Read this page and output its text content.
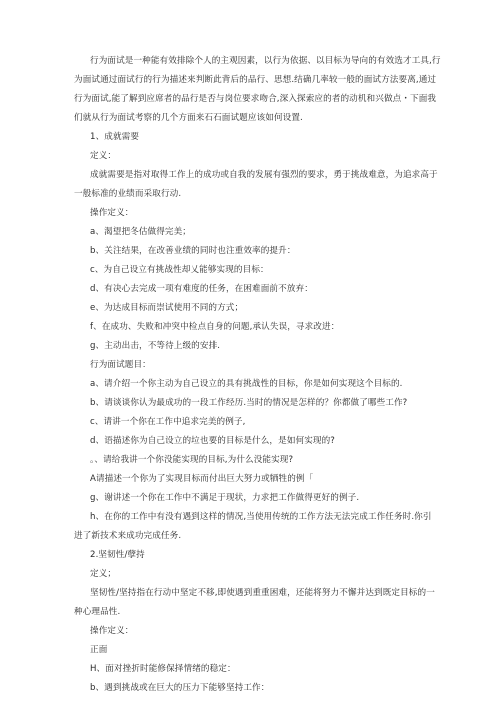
行为面试是一种能有效排除个人的主观因素，以行为依据、以目标为导向的有效选才工具,行

为面试通过面试行的行为描述来判断此背后的品行、思想.结确几率较一般的面试方法要离,通过

行为面试,能了解到应席者的品行是否与岗位要求吻合,深入探索应的者的动机和兴做点・下面我

们就从行为面试考察的几个方面来石石面试题应该如何设置.

1、成就需要

定义：

成就需要是指对取得工作上的成功或自我的发展有强烈的要求，勇于挑战难意，为追求高于

一般标准的业绩而采取行动.

操作定义：

a、渴望把冬估做得完美；

b、关注结果，在改善业绩的同时也注重效率的提升：

c、为自己设立有挑战性却乂能够实现的目标：

d、有决心去完成一项有难度的任务，在困难面前不放弃：

e、为达成目标而崇试使用不同的方式；

f、在成功、失败和冲突中检点自身的问题,承认失误，寻求改进：

g、主动出击，不等待上级的安排.

行为面试题目：

a、请介绍一个你主动为自己设立的具有挑战性的目标，你是如何实现这个目标的.

b、请谈谈你认为最成功的一段工作经历.当时的情况是怎样的？你都做了哪些工作?

c、请讲一个你在工作中追求完美的例子,

d、语描述你为自己设立的垃也要的目标是什么，是如何实现的?

。、请给我讲一个你没能实现的目标,为什么没能实现?

A请描述一个你为了实现目标而付出巨大努力或牺牲的例「

g、谢讲述一个你在工作中不满足于现状，力求把工作做得更好的例子.

h、在你的工作中有没有遇到这样的情况,当使用传统的工作方法无法完成工作任务时.你引

进了新技术来成功完成任务.

2.坚韧性/孽持

定义；

坚韧性/坚持指在行动中坚定不移,即使遇到重重困难，还能将努力不懈并达到既定目标的一

种心理品性.

操作定义：

正面

H、面对挫折时能修保择情绪的稳定：

b、遇到挑战或在巨大的压力下能够坚持工作：
